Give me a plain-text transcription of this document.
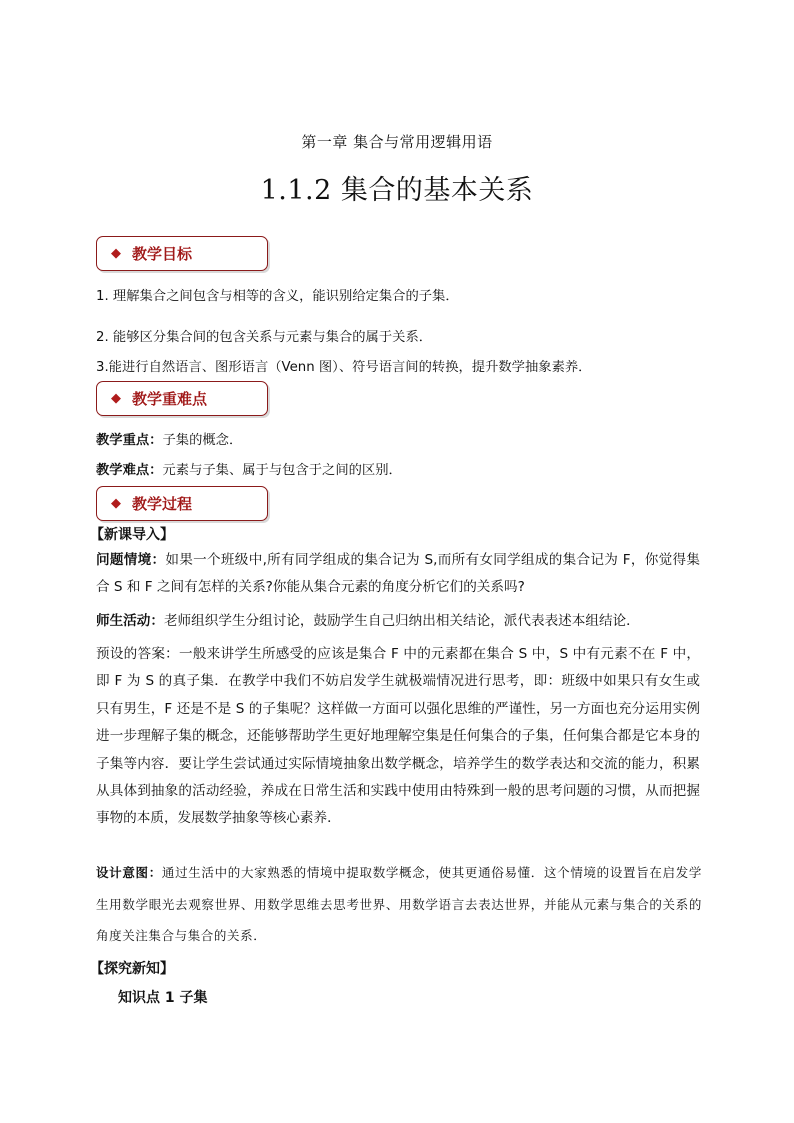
第一章 集合与常用逻辑用语
1.1.2 集合的基本关系
◆ 教学目标
1. 理解集合之间包含与相等的含义，能识别给定集合的子集．
2. 能够区分集合间的包含关系与元素与集合的属于关系．
3.能进行自然语言、图形语言（Venn 图）、符号语言间的转换，提升数学抽象素养．
◆ 教学重难点
教学重点：子集的概念．
教学难点：元素与子集、属于与包含于之间的区别．
◆ 教学过程
【新课导入】
问题情境：如果一个班级中,所有同学组成的集合记为 S,而所有女同学组成的集合记为 F，你觉得集合 S 和 F 之间有怎样的关系?你能从集合元素的角度分析它们的关系吗?
师生活动：老师组织学生分组讨论，鼓励学生自己归纳出相关结论，派代表表述本组结论．
预设的答案：一般来讲学生所感受的应该是集合 F 中的元素都在集合 S 中，S 中有元素不在 F 中，即 F 为 S 的真子集．在教学中我们不妨启发学生就极端情况进行思考，即：班级中如果只有女生或只有男生，F 还是不是 S 的子集呢？这样做一方面可以强化思维的严谨性，另一方面也充分运用实例进一步理解子集的概念，还能够帮助学生更好地理解空集是任何集合的子集，任何集合都是它本身的子集等内容．要让学生尝试通过实际情境抽象出数学概念，培养学生的数学表达和交流的能力，积累从具体到抽象的活动经验，养成在日常生活和实践中使用由特殊到一般的思考问题的习惯，从而把握事物的本质，发展数学抽象等核心素养．
设计意图：通过生活中的大家熟悉的情境中提取数学概念，使其更通俗易懂．这个情境的设置旨在启发学生用数学眼光去观察世界、用数学思维去思考世界、用数学语言去表达世界，并能从元素与集合的关系的角度关注集合与集合的关系．
【探究新知】
知识点 1 子集
